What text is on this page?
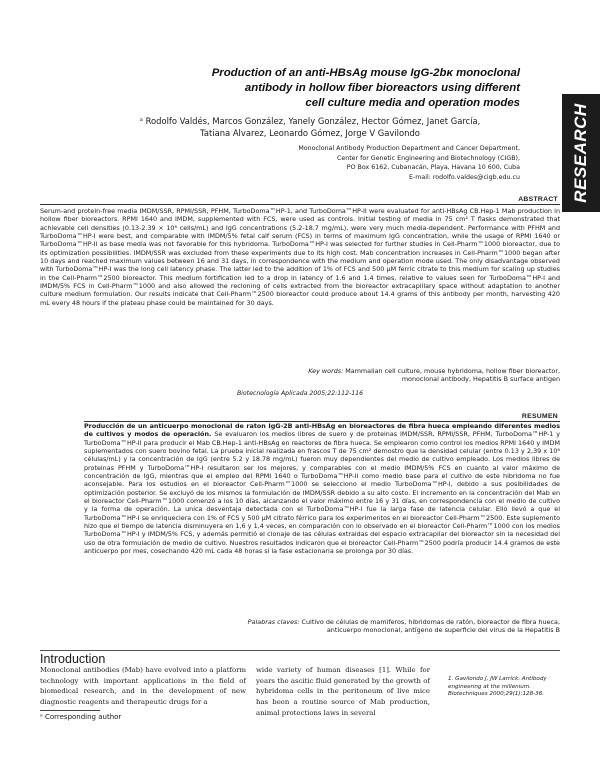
Production of an anti-HBsAg mouse IgG-2bκ monoclonal
antibody in hollow fiber bioreactors using different
cell culture media and operation modes
RESEARCH
ᵃ Rodolfo Valdés, Marcos González, Yanely González, Hector Gómez, Janet García,
Tatiana Alvarez, Leonardo Gómez, Jorge V Gavilondo
Monoclonal Antibody Production Department and Cancer Department,
Center for Genetic Engineering and Biotechnology (CIGB),
PO Box 6162, Cubanacán, Playa, Havana 10 600, Cuba
E-mail: rodolfo.valdes@cigb.edu.cu
ABSTRACT
Serum-and protein-free media IMDM/SSR, RPMI/SSR, PFHM, TurboDoma™HP-1, and TurboDoma™HP-II were evaluated for anti-HBsAg CB.Hep-1 Mab production in hollow fiber bioreactors. RPMI 1640 and IMDM, supplemented with FCS, were used as controls. Initial testing of media in 75 cm² T flasks demonstrated that achievable cell densities (0.13-2.39 × 10⁶ cells/mL) and IgG concentrations (5.2-18.7 mg/mL), were very much media-dependent. Performance with PFHM and TurboDoma™HP-I were best, and comparable with IMDM/5% fetal calf serum (FCS) in terms of maximum IgG concentration, while the usage of RPMI 1640 or TurboDoma™HP-II as base media was not favorable for this hybridoma. TurboDoma™HP-I was selected for further studies in Cell-Pharm™1000 bioreactor, due to its optimization possibilities. IMDM/SSR was excluded from these experiments due to its high cost. Mab concentration increases in Cell-Pharm™1000 began after 10 days and reached maximum values between 16 and 31 days, in correspondence with the medium and operation mode used. The only disadvantage observed with TurboDoma™HP-I was the long cell latency phase. The latter led to the addition of 1% of FCS and 500 μM ferric citrate to this medium for scaling up studies in the Cell-Pharm™2500 bioreactor. This medium fortification led to a drop in latency of 1.6 and 1.4 times, relative to values seen for TurboDoma™HP-I and IMDM/5% FCS in Cell-Pharm™1000 and also allowed the recloning of cells extracted from the bioreactor extracapillary space without adaptation to another culture medium formulation. Our results indicate that Cell-Pharm™2500 bioreactor could produce about 14.4 grams of this antibody per month, harvesting 420 mL every 48 hours if the plateau phase could be maintained for 30 days.
Key words: Mammalian cell culture, mouse hybridoma, hollow fiber bioreactor,
monoclonal antibody, Hepatitis B surface antigen
Biotecnología Aplicada 2005;22:112-116
RESUMEN
Producción de un anticuerpo monoclonal de raton IgG-2B anti-HBsAg en bioreactores de fibra hueca empleando diferentes medios de cultivos y modos de operación. Se evaluaron los medios libres de suero y de proteinas IMDM/SSR, RPMI/SSR, PFHM, TurboDoma™HP-1 y TurboDoma™HP-II para producir el Mab CB.Hep-1 anti-HBsAg en reactores de fibra hueca. Se emplearon como control los medios RPMI 1640 y IMDM suplementados con suero bovino fetal. La prueba inicial realizada en frascos T de 75 cm² demostro que la densidad celular (entre 0.13 y 2,39 x 10⁶ células/mL) y la concentración de IgG (entre 5.2 y 18.78 mg/mL) fueron muy dependientes del medio de cultivo empleado. Los medios libres de proteinas PFHM y TurboDoma™HP-I resultaron ser los mejores, y comparables con el medio IMDM/5% FCS en cuanto al valor máximo de concentración de IgG, mientras que el empleo del RPMI 1640 o TurboDoma™HP-II como medio base para el cultivo de este hibridoma no fue aconsejable. Para los estudios en el bioreactor Cell-Pharm™1000 se selecciono el medio TurboDoma™HP-I, debido a sus posibilidades de optimización posterior. Se excluyó de los mismos la formulación de IMDM/SSR debido a su alto costo. El incremento en la concentración del Mab en el bioreactor Cell-Pharm™1000 comenzó a los 10 días, alcanzando el valor máximo entre 16 y 31 días, en correspondencia con el medio de cultivo y la forma de operación. La unica desventaja detectada con el TurboDoma™HP-I fue la larga fase de latencia celular. Ello llevó a que el TurboDoma™HP-I se enriqueciera con 1% of FCS y 500 μM citrato férrico para los experimentos en el bioreactor Cell-Pharm™2500. Este suplemento hizo que el tiempo de latencia disminuyera en 1,6 y 1,4 veces, en comparación con lo observado en el bioreactor Cell-Pharm™1000 con los medios TurboDoma™HP-I y IMDM/5% FCS, y además permitió el clonaje de las células extraidas del espacio extracapilar del bioreactor sin la necesidad del uso de otra formulación de medio de cultivo. Nuestros resultados indicaron que el bioreactor Cell-Pharm™2500 podría producir 14.4 gramos de este anticuerpo por mes, cosechando 420 mL cada 48 horas si la fase estacionaria se prolonga por 30 días.
Palabras claves: Cultivo de células de mamiferos, hibridomas de ratón, bioreactor de fibra hueca,
anticuerpo monoclonal, antígeno de superficie del virus de la Hepatitis B
Introduction
Monoclonal antibodies (Mab) have evolved into a platform technology with important applications in the field of biomedical research, and in the development of new diagnostic reagents and therapeutic drugs for a
wide variety of human diseases [1]. While for years the ascitic fluid generated by the growth of hybridoma cells in the peritoneum of live mice has been a routine source of Mab production, animal protections laws in several
1. Gavilondo J, JW Larrick. Antibody engineering at the millenium. Biotechniques 2000;29(1):128-36.
ᵃ Corresponding author
